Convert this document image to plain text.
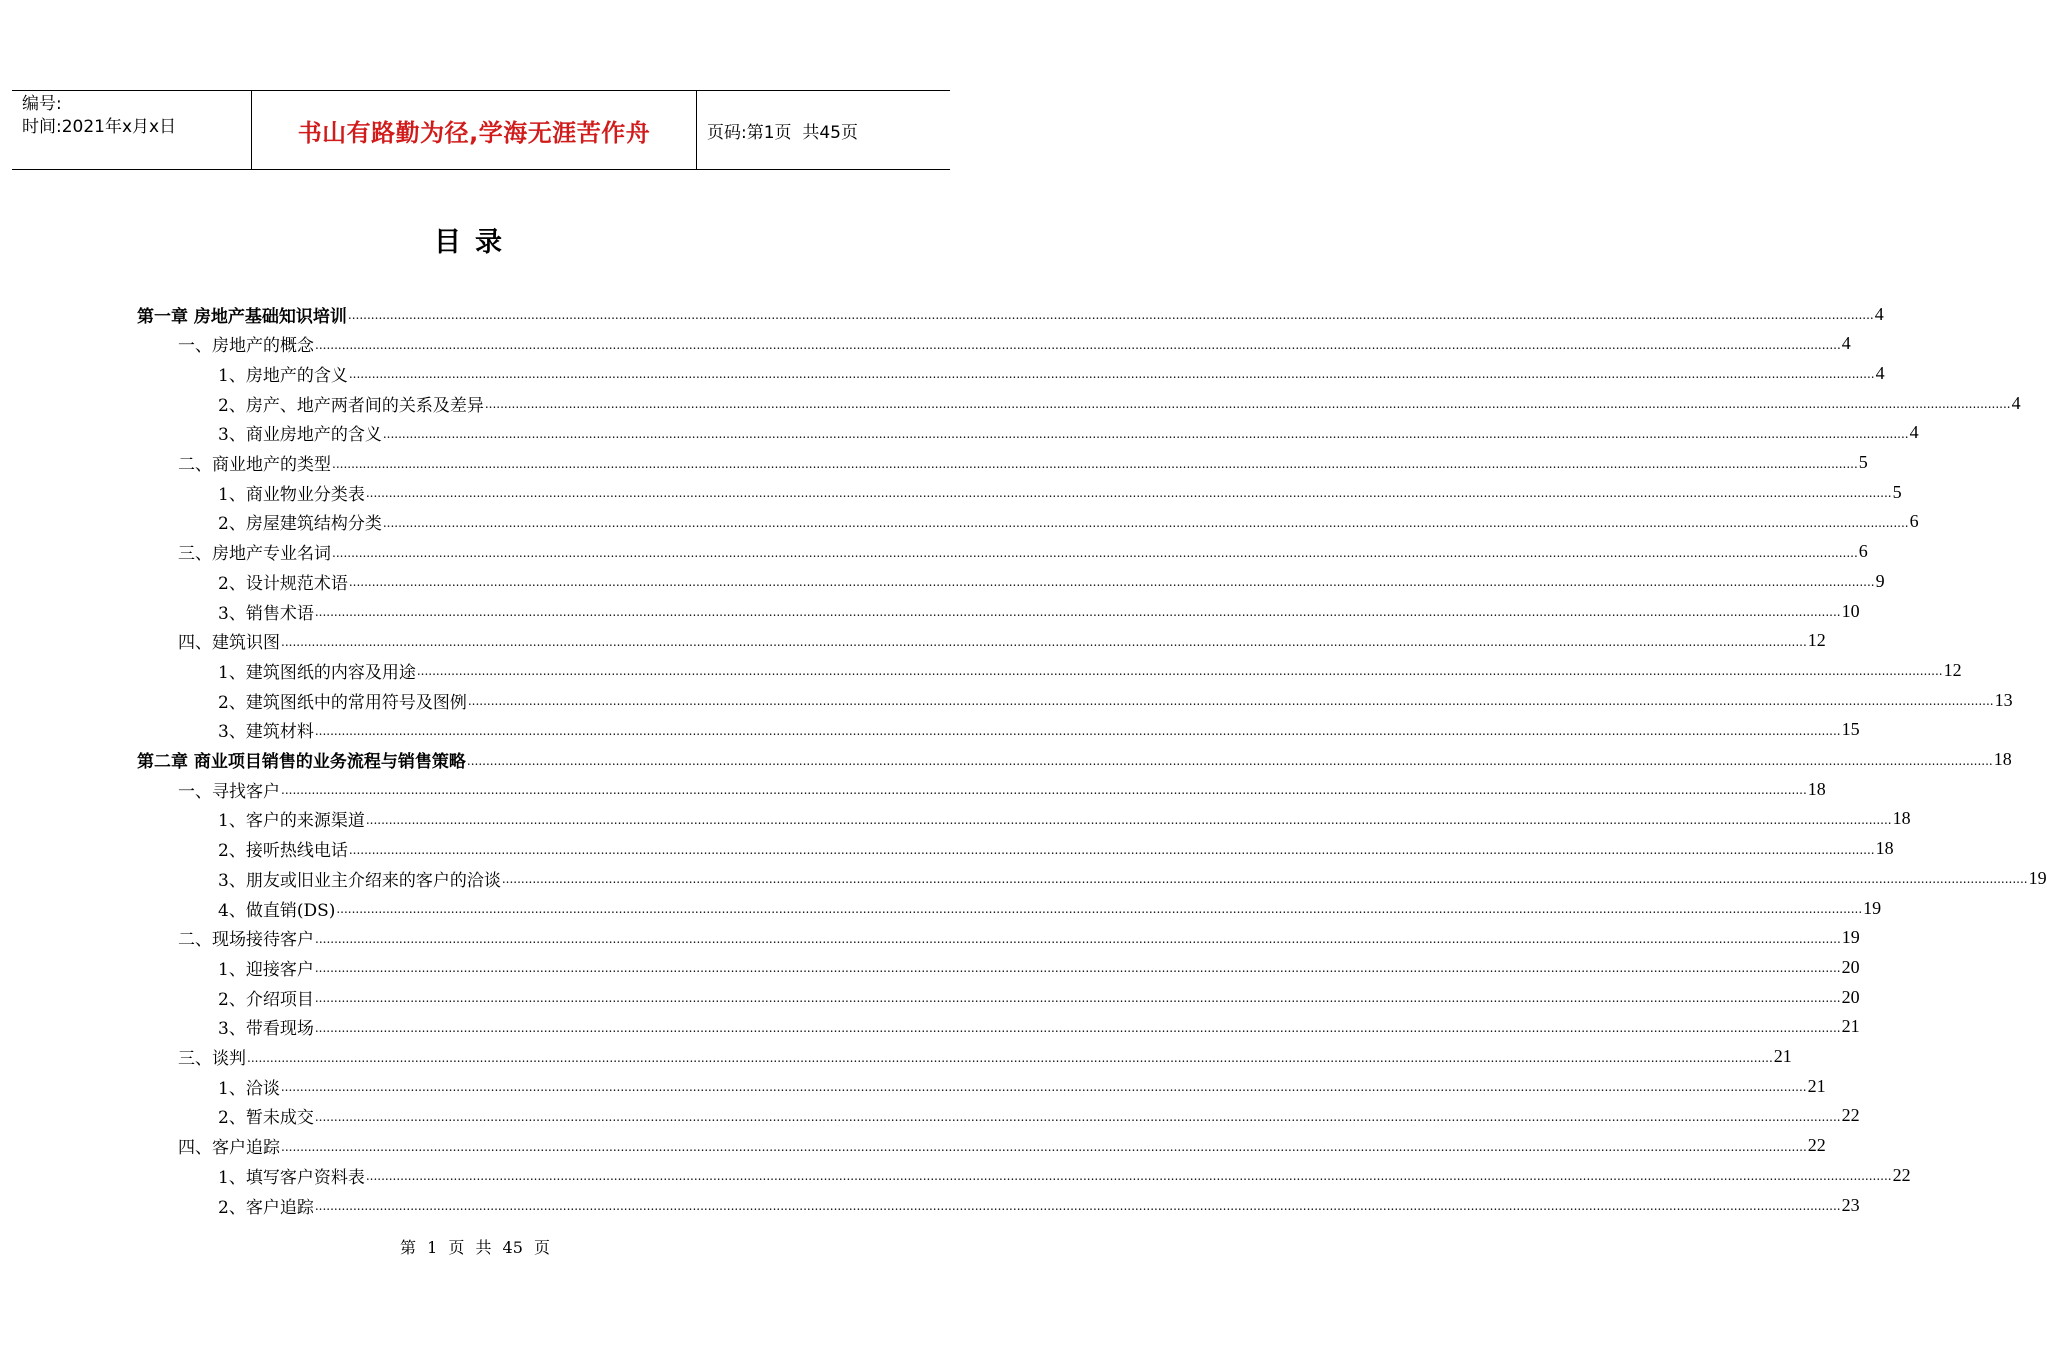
编号:
时间:2021年x月x日	书山有路勤为径,学海无涯苦作舟	页码:第1页  共45页
目录
第一章 房地产基础知识培训 ................................................................................................................................................................................................................................................................................................................................................................................................................ 4
一、房地产的概念 ................................................................................................................................................................................................................................................................................................................................................................................................................ 4
1、房地产的含义 ................................................................................................................................................................................................................................................................................................................................................................................................................ 4
2、房产、地产两者间的关系及差异 ................................................................................................................................................................................................................................................................................................................................................................................................................ 4
3、商业房地产的含义 ................................................................................................................................................................................................................................................................................................................................................................................................................ 4
二、商业地产的类型 ................................................................................................................................................................................................................................................................................................................................................................................................................ 5
1、商业物业分类表 ................................................................................................................................................................................................................................................................................................................................................................................................................ 5
2、房屋建筑结构分类 ................................................................................................................................................................................................................................................................................................................................................................................................................ 6
三、房地产专业名词 ................................................................................................................................................................................................................................................................................................................................................................................................................ 6
2、设计规范术语 ................................................................................................................................................................................................................................................................................................................................................................................................................ 9
3、销售术语 ................................................................................................................................................................................................................................................................................................................................................................................................................ 10
四、建筑识图 ................................................................................................................................................................................................................................................................................................................................................................................................................ 12
1、建筑图纸的内容及用途 ................................................................................................................................................................................................................................................................................................................................................................................................................ 12
2、建筑图纸中的常用符号及图例 ................................................................................................................................................................................................................................................................................................................................................................................................................ 13
3、建筑材料 ................................................................................................................................................................................................................................................................................................................................................................................................................ 15
第二章 商业项目销售的业务流程与销售策略 ................................................................................................................................................................................................................................................................................................................................................................................................................ 18
一、寻找客户 ................................................................................................................................................................................................................................................................................................................................................................................................................ 18
1、客户的来源渠道 ................................................................................................................................................................................................................................................................................................................................................................................................................ 18
2、接听热线电话 ................................................................................................................................................................................................................................................................................................................................................................................................................ 18
3、朋友或旧业主介绍来的客户的洽谈 ................................................................................................................................................................................................................................................................................................................................................................................................................ 19
4、做直销(DS) ................................................................................................................................................................................................................................................................................................................................................................................................................ 19
二、现场接待客户 ................................................................................................................................................................................................................................................................................................................................................................................................................ 19
1、迎接客户 ................................................................................................................................................................................................................................................................................................................................................................................................................ 20
2、介绍项目 ................................................................................................................................................................................................................................................................................................................................................................................................................ 20
3、带看现场 ................................................................................................................................................................................................................................................................................................................................................................................................................ 21
三、谈判 ................................................................................................................................................................................................................................................................................................................................................................................................................ 21
1、洽谈 ................................................................................................................................................................................................................................................................................................................................................................................................................ 21
2、暂未成交 ................................................................................................................................................................................................................................................................................................................................................................................................................ 22
四、客户追踪 ................................................................................................................................................................................................................................................................................................................................................................................................................ 22
1、填写客户资料表 ................................................................................................................................................................................................................................................................................................................................................................................................................ 22
2、客户追踪 ................................................................................................................................................................................................................................................................................................................................................................................................................ 23
第 1 页 共 45 页
